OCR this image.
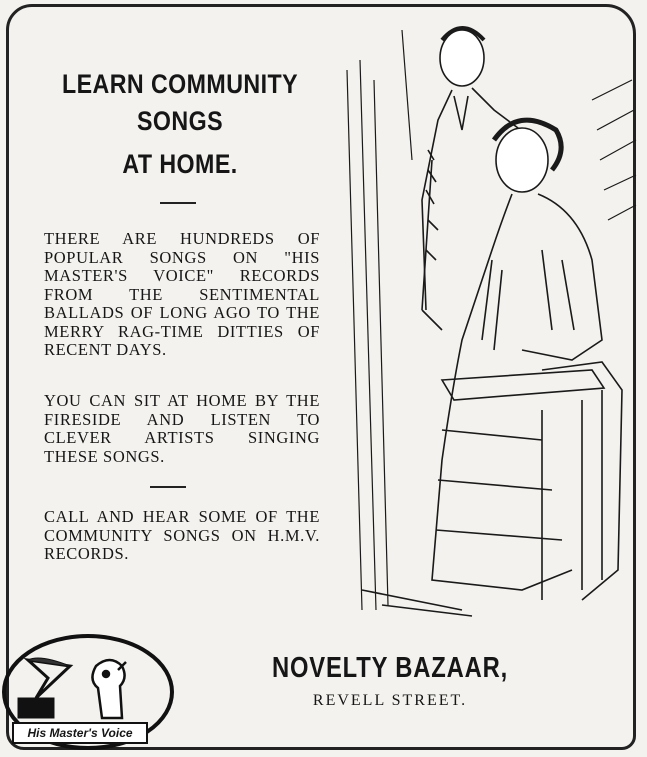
LEARN COMMUNITY
SONGS
AT HOME.
THERE ARE HUNDREDS OF POPULAR SONGS ON "HIS MASTER'S VOICE" RECORDS FROM THE SENTIMENTAL BALLADS OF LONG AGO TO THE MERRY RAG-TIME DITTIES OF RECENT DAYS.
YOU CAN SIT AT HOME BY THE FIRESIDE AND LISTEN TO CLEVER ARTISTS SINGING THESE SONGS.
CALL AND HEAR SOME OF THE COMMUNITY SONGS ON H.M.V. RECORDS.
His Master's Voice
NOVELTY BAZAAR,
REVELL STREET.
